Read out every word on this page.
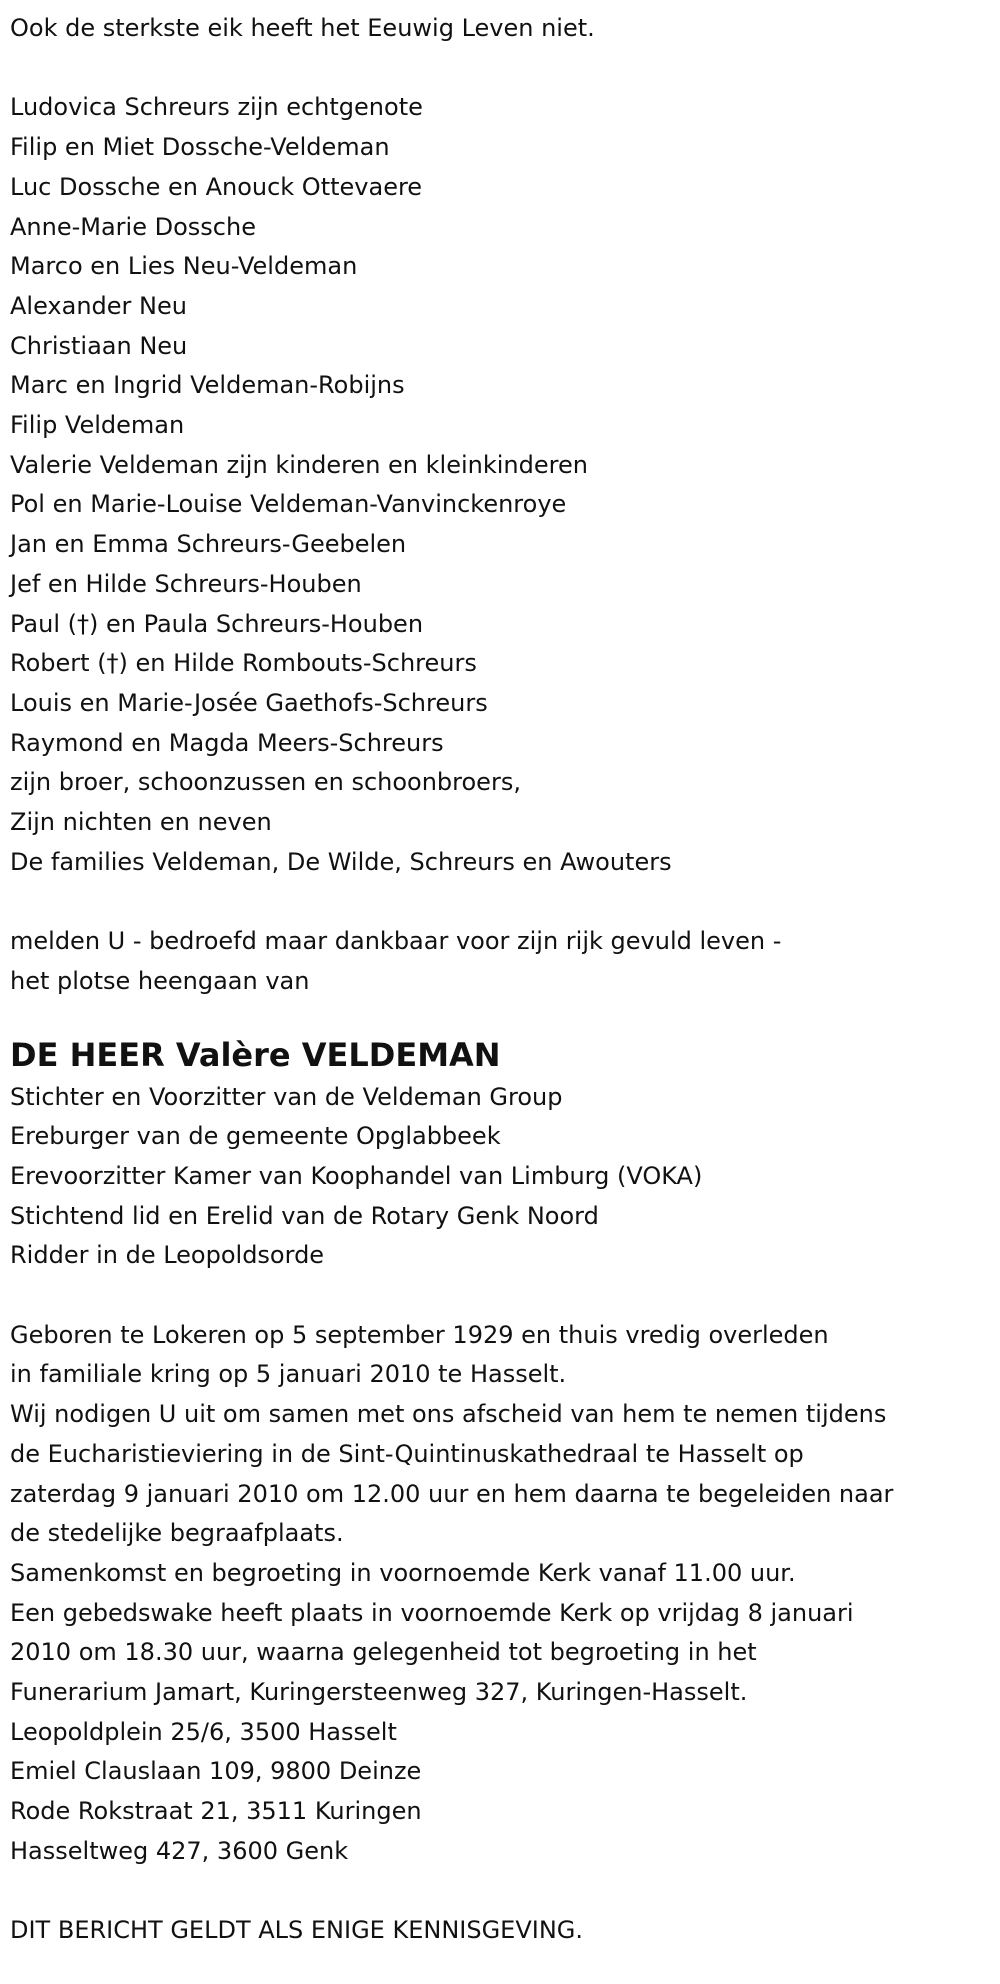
Ook de sterkste eik heeft het Eeuwig Leven niet.

Ludovica Schreurs zijn echtgenote

Filip en Miet Dossche-Veldeman

Luc Dossche en Anouck Ottevaere

Anne-Marie Dossche

Marco en Lies Neu-Veldeman

Alexander Neu

Christiaan Neu

Marc en Ingrid Veldeman-Robijns

Filip Veldeman

Valerie Veldeman zijn kinderen en kleinkinderen

Pol en Marie-Louise Veldeman-Vanvinckenroye

Jan en Emma Schreurs-Geebelen

Jef en Hilde Schreurs-Houben

Paul (†) en Paula Schreurs-Houben

Robert (†) en Hilde Rombouts-Schreurs

Louis en Marie-Josée Gaethofs-Schreurs

Raymond en Magda Meers-Schreurs

zijn broer, schoonzussen en schoonbroers,

Zijn nichten en neven

De families Veldeman, De Wilde, Schreurs en Awouters

melden U - bedroefd maar dankbaar voor zijn rijk gevuld leven -

het plotse heengaan van

DE HEER Valère VELDEMAN

Stichter en Voorzitter van de Veldeman Group

Ereburger van de gemeente Opglabbeek

Erevoorzitter Kamer van Koophandel van Limburg (VOKA)

Stichtend lid en Erelid van de Rotary Genk Noord

Ridder in de Leopoldsorde

Geboren te Lokeren op 5 september 1929 en thuis vredig overleden

in familiale kring op 5 januari 2010 te Hasselt.

Wij nodigen U uit om samen met ons afscheid van hem te nemen tijdens

de Eucharistieviering in de Sint-Quintinuskathedraal te Hasselt op

zaterdag 9 januari 2010 om 12.00 uur en hem daarna te begeleiden naar

de stedelijke begraafplaats.

Samenkomst en begroeting in voornoemde Kerk vanaf 11.00 uur.

Een gebedswake heeft plaats in voornoemde Kerk op vrijdag 8 januari

2010 om 18.30 uur, waarna gelegenheid tot begroeting in het

Funerarium Jamart, Kuringersteenweg 327, Kuringen-Hasselt.

Leopoldplein 25/6, 3500 Hasselt

Emiel Clauslaan 109, 9800 Deinze

Rode Rokstraat 21, 3511 Kuringen

Hasseltweg 427, 3600 Genk

DIT BERICHT GELDT ALS ENIGE KENNISGEVING.
